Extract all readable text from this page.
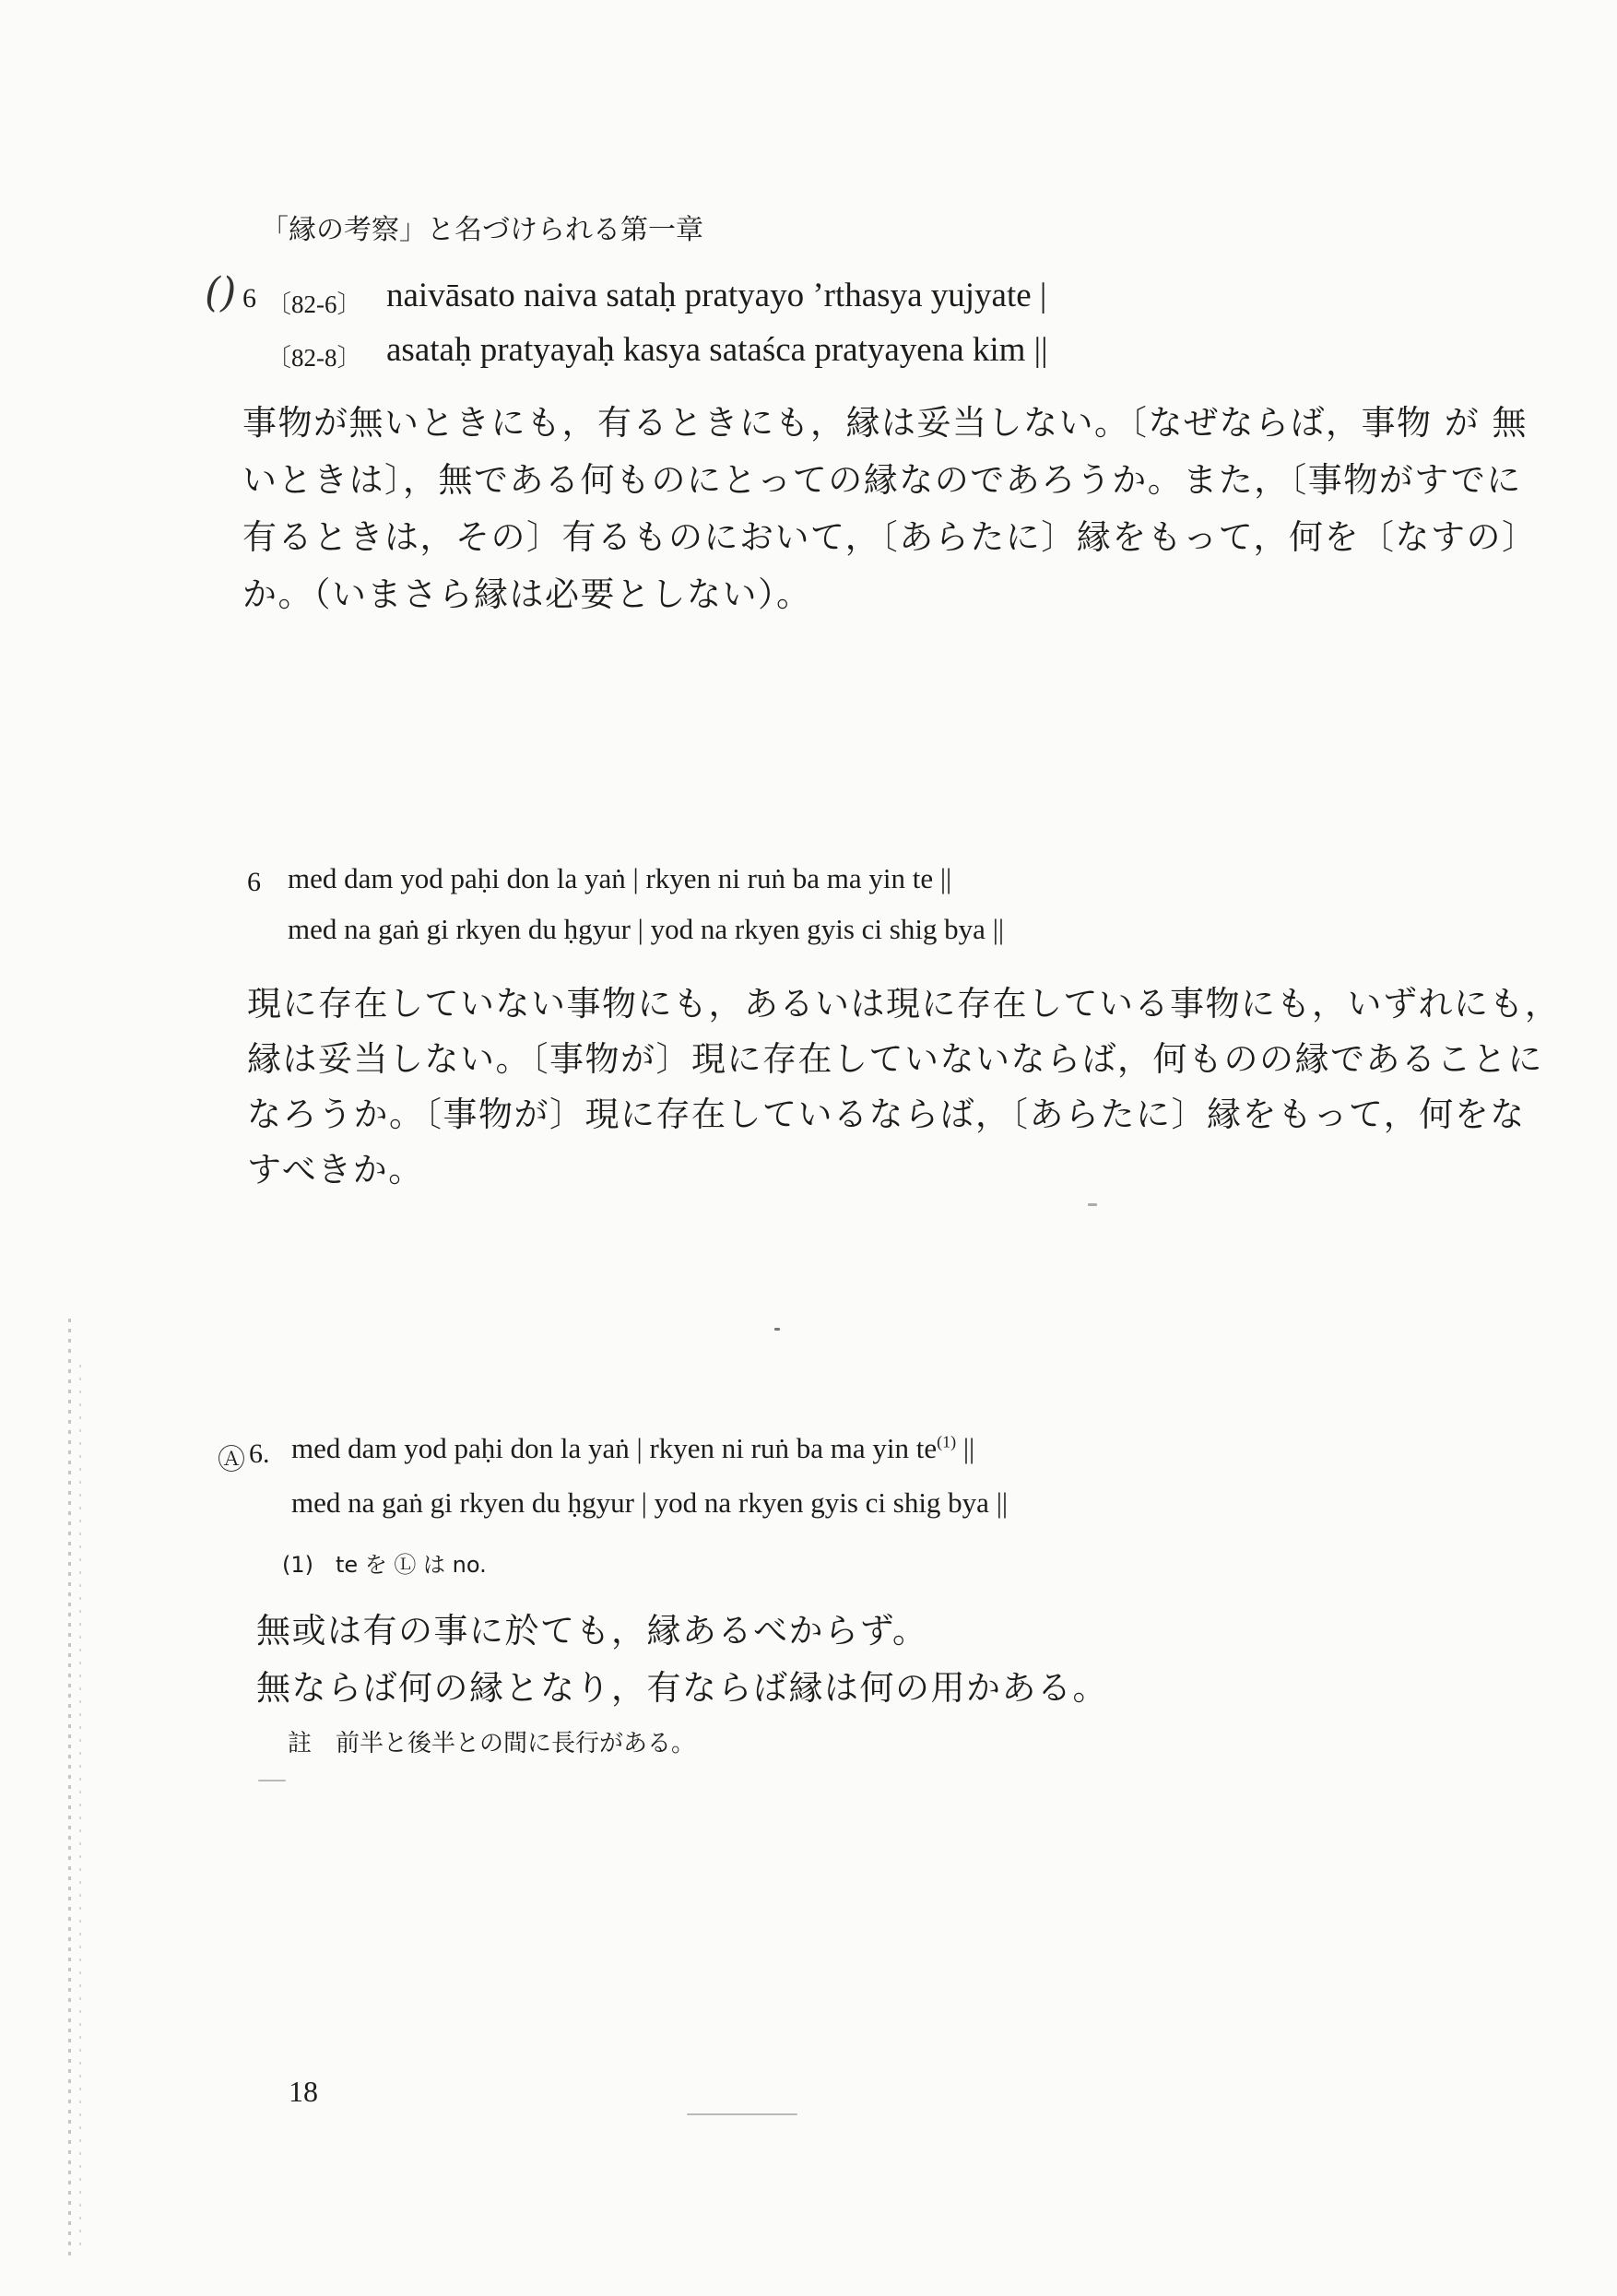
「縁の考察」と名づけられる第一章
() 6 〔82-6〕 naivāsato naiva sataḥ pratyayo ’rthasya yujyate |
〔82-8〕 asataḥ pratyayaḥ kasya sataśca pratyayena kim ||
事物が無いときにも，有るときにも，縁は妥当しない。〔なぜならば，事物 が 無
いときは〕，無である何ものにとっての縁なのであろうか。また，〔事物がすでに
有るときは，その〕有るものにおいて，〔あらたに〕縁をもって，何を〔なすの〕
か。（いまさら縁は必要としない）。
6 med dam yod paḥi don la yaṅ | rkyen ni ruṅ ba ma yin te ||
med na gaṅ gi rkyen du ḥgyur | yod na rkyen gyis ci shig bya ||
現に存在していない事物にも，あるいは現に存在している事物にも，いずれにも，
縁は妥当しない。〔事物が〕現に存在していないならば，何ものの縁であることに
なろうか。〔事物が〕現に存在しているならば，〔あらたに〕縁をもって，何をな
すべきか。
Ⓐ 6. med dam yod paḥi don la yaṅ | rkyen ni ruṅ ba ma yin $te^{(1)}$ ||
med na gaṅ gi rkyen du ḥgyur | yod na rkyen gyis ci shig bya ||
(1)　te を Ⓛ は no.
無或は有の事に於ても，縁あるべからず。
無ならば何の縁となり，有ならば縁は何の用かある。
註　前半と後半との間に長行がある。
18
